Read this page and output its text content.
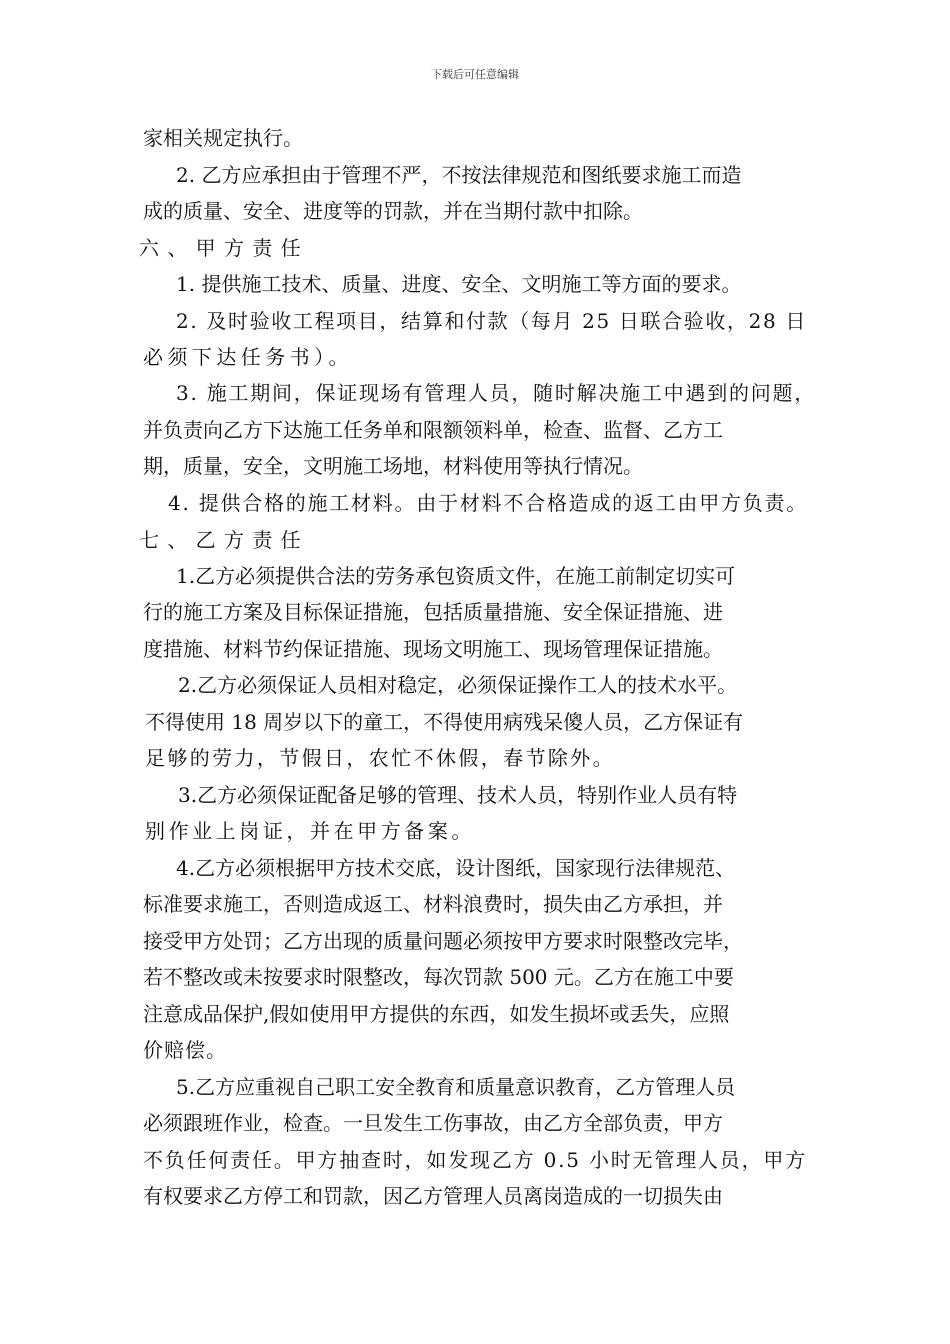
下载后可任意编辑
家相关规定执行。
2. 乙方应承担由于管理不严，不按法律规范和图纸要求施工而造
成的质量、安全、进度等的罚款，并在当期付款中扣除。
六、甲方责任
1. 提供施工技术、质量、进度、安全、文明施工等方面的要求。
2. 及时验收工程项目，结算和付款（每月 25 日联合验收，28 日
必须下达任务书）。
3. 施工期间，保证现场有管理人员，随时解决施工中遇到的问题，
并负责向乙方下达施工任务单和限额领料单，检查、监督、乙方工
期，质量，安全，文明施工场地，材料使用等执行情况。
4. 提供合格的施工材料。由于材料不合格造成的返工由甲方负责。
七、乙方责任
1.乙方必须提供合法的劳务承包资质文件，在施工前制定切实可
行的施工方案及目标保证措施，包括质量措施、安全保证措施、进
度措施、材料节约保证措施、现场文明施工、现场管理保证措施。
2.乙方必须保证人员相对稳定，必须保证操作工人的技术水平。
不得使用 18 周岁以下的童工，不得使用病残呆傻人员，乙方保证有
足够的劳力，节假日，农忙不休假，春节除外。
3.乙方必须保证配备足够的管理、技术人员，特别作业人员有特
别作业上岗证，并在甲方备案。
4.乙方必须根据甲方技术交底，设计图纸，国家现行法律规范、
标准要求施工，否则造成返工、材料浪费时，损失由乙方承担，并
接受甲方处罚；乙方出现的质量问题必须按甲方要求时限整改完毕，
若不整改或未按要求时限整改，每次罚款 500 元。乙方在施工中要
注意成品保护,假如使用甲方提供的东西，如发生损坏或丢失，应照
价赔偿。
5.乙方应重视自己职工安全教育和质量意识教育，乙方管理人员
必须跟班作业，检查。一旦发生工伤事故，由乙方全部负责，甲方
不负任何责任。甲方抽查时，如发现乙方 0.5 小时无管理人员，甲方
有权要求乙方停工和罚款，因乙方管理人员离岗造成的一切损失由
